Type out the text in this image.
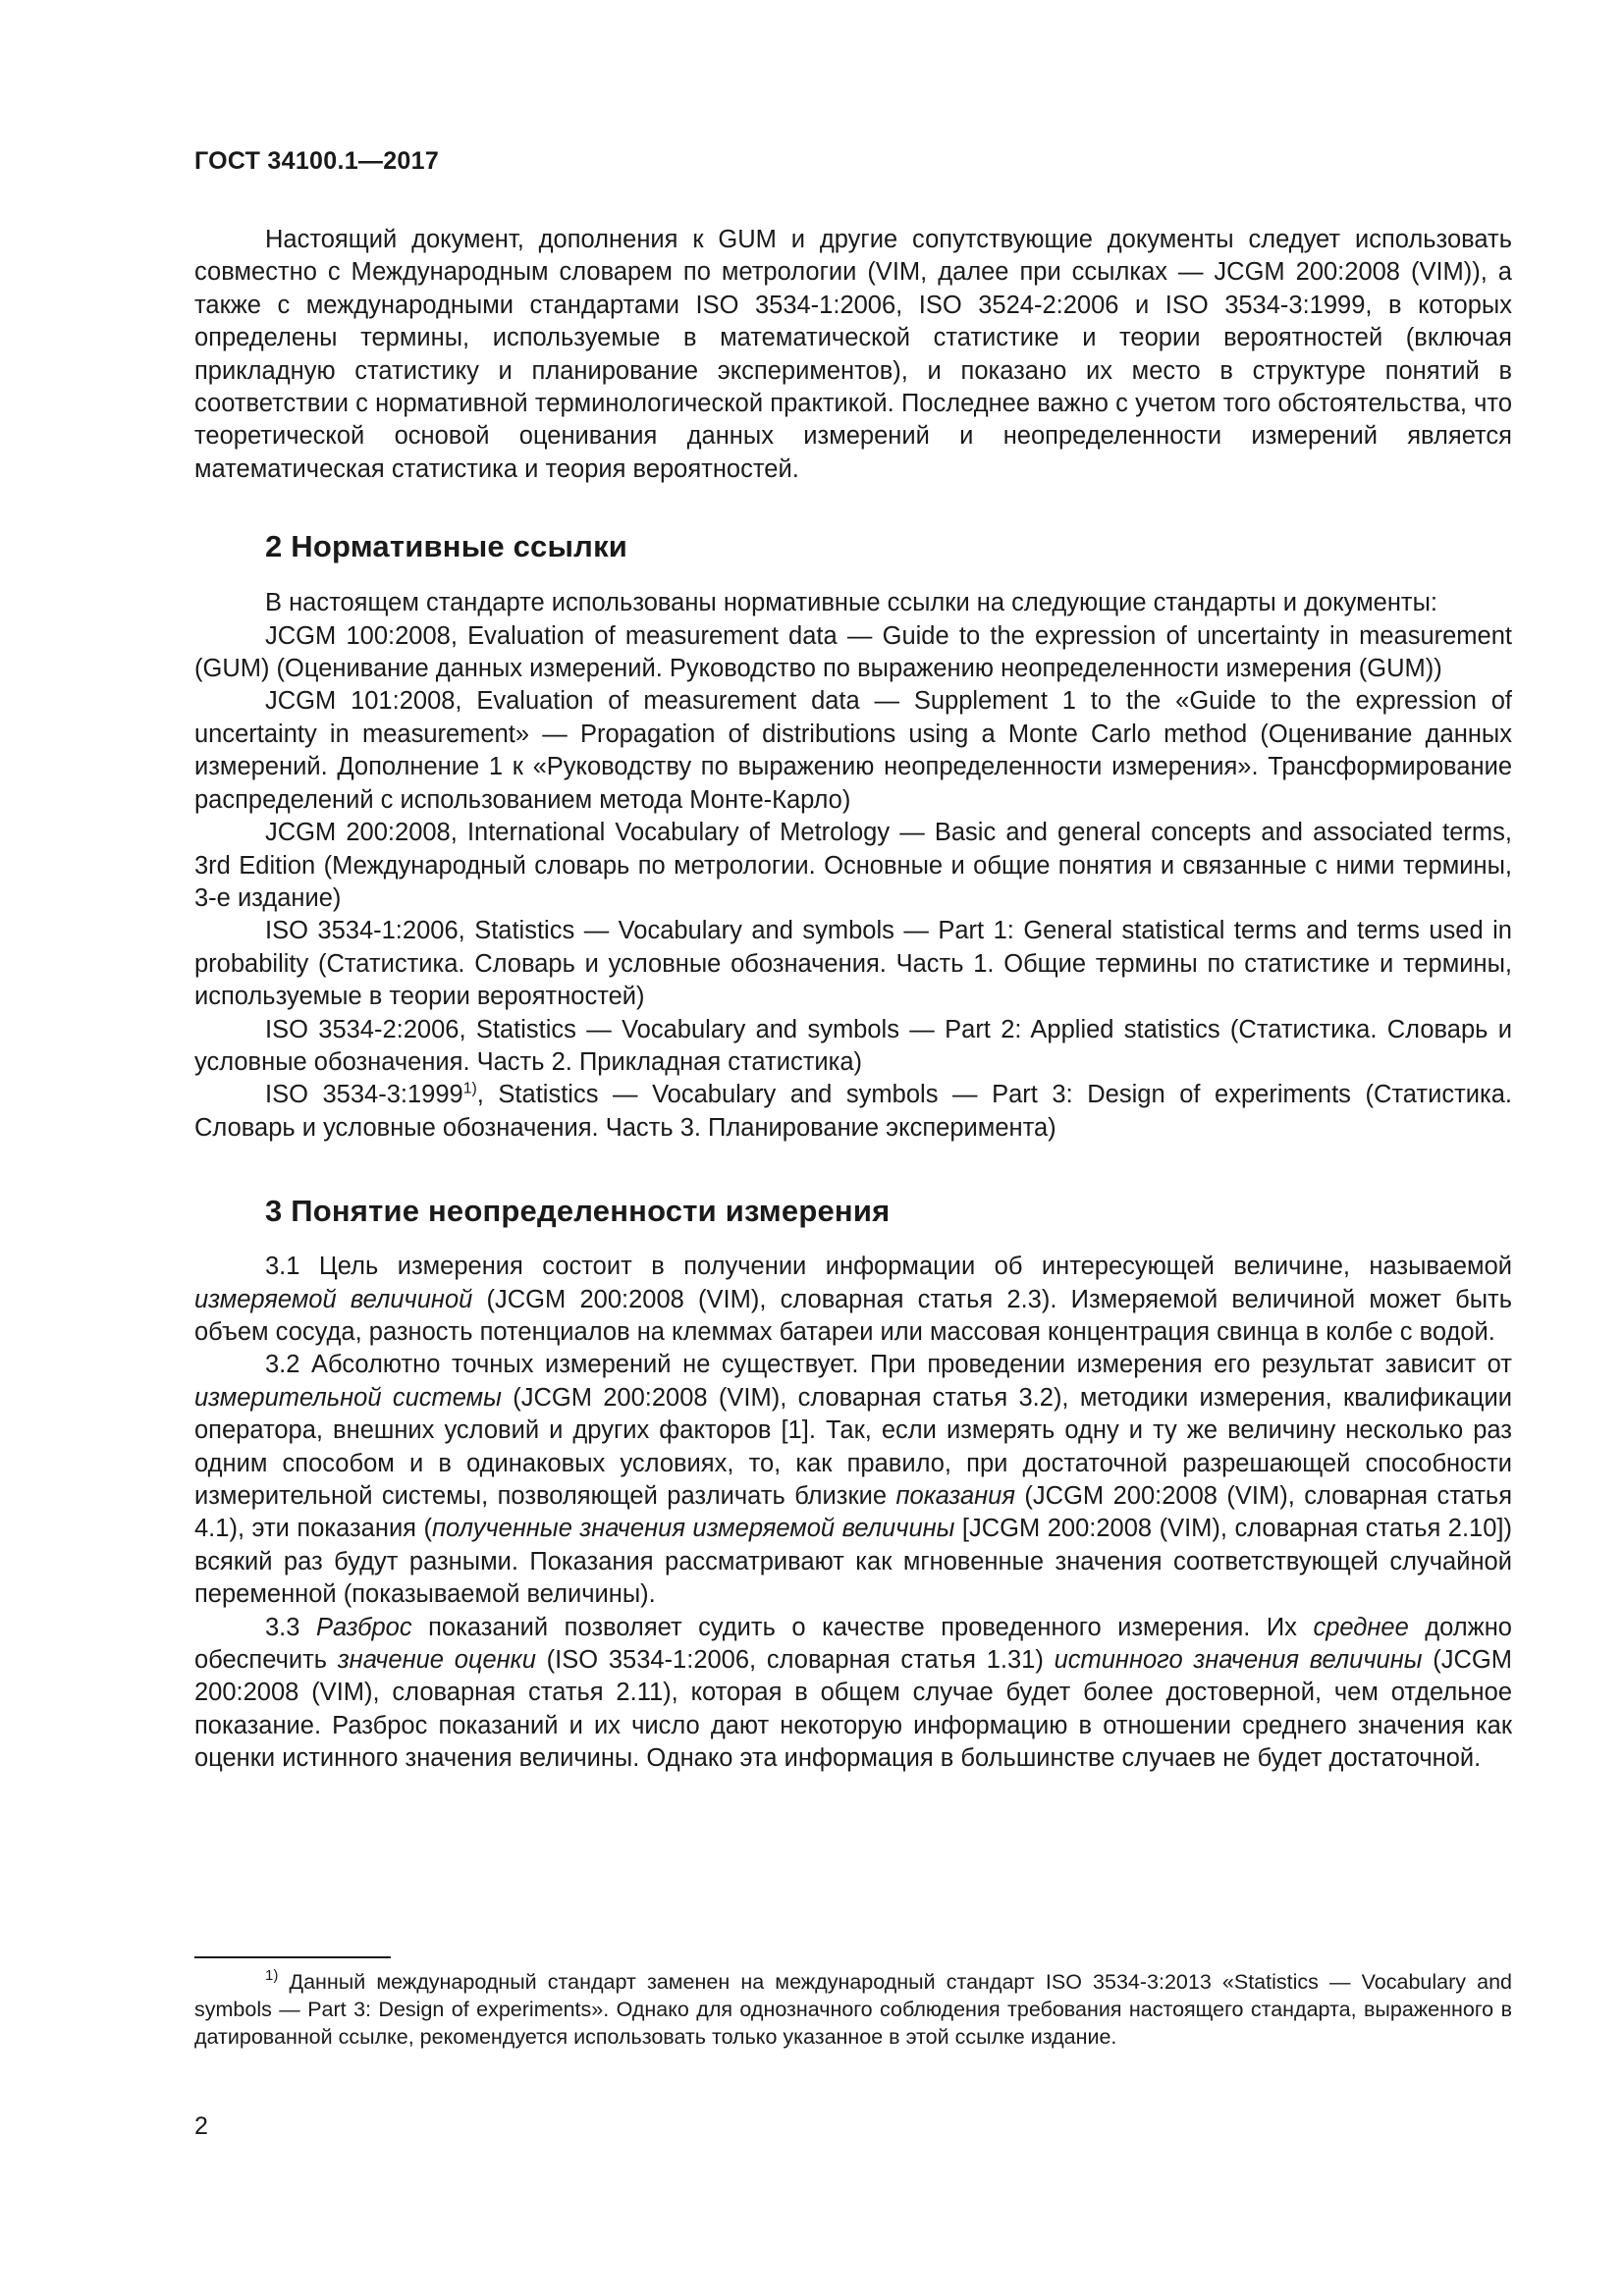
ГОСТ 34100.1—2017

Настоящий документ, дополнения к GUM и другие сопутствующие документы следует использовать совместно с Международным словарем по метрологии (VIM, далее при ссылках — JCGM 200:2008 (VIM)), а также с международными стандартами ISO 3534-1:2006, ISO 3524-2:2006 и ISO 3534-3:1999, в которых определены термины, используемые в математической статистике и теории вероятностей (включая прикладную статистику и планирование экспериментов), и показано их место в структуре понятий в соответствии с нормативной терминологической практикой. Последнее важно с учетом того обстоятельства, что теоретической основой оценивания данных измерений и неопределенности измерений является математическая статистика и теория вероятностей.

2 Нормативные ссылки

В настоящем стандарте использованы нормативные ссылки на следующие стандарты и документы:

JCGM 100:2008, Evaluation of measurement data — Guide to the expression of uncertainty in measurement (GUM) (Оценивание данных измерений. Руководство по выражению неопределенности измерения (GUM))

JCGM 101:2008, Evaluation of measurement data — Supplement 1 to the «Guide to the expression of uncertainty in measurement» — Propagation of distributions using a Monte Carlo method (Оценивание данных измерений. Дополнение 1 к «Руководству по выражению неопределенности измерения». Трансформирование распределений с использованием метода Монте-Карло)

JCGM 200:2008, International Vocabulary of Metrology — Basic and general concepts and associated terms, 3rd Edition (Международный словарь по метрологии. Основные и общие понятия и связанные с ними термины, 3-е издание)

ISO 3534-1:2006, Statistics — Vocabulary and symbols — Part 1: General statistical terms and terms used in probability (Статистика. Словарь и условные обозначения. Часть 1. Общие термины по статистике и термины, используемые в теории вероятностей)

ISO 3534-2:2006, Statistics — Vocabulary and symbols — Part 2: Applied statistics (Статистика. Словарь и условные обозначения. Часть 2. Прикладная статистика)

ISO 3534-3:1999$^{1)}$, Statistics — Vocabulary and symbols — Part 3: Design of experiments (Статистика. Словарь и условные обозначения. Часть 3. Планирование эксперимента)

3 Понятие неопределенности измерения

3.1 Цель измерения состоит в получении информации об интересующей величине, называемой измеряемой величиной (JCGM 200:2008 (VIM), словарная статья 2.3). Измеряемой величиной может быть объем сосуда, разность потенциалов на клеммах батареи или массовая концентрация свинца в колбе с водой.

3.2 Абсолютно точных измерений не существует. При проведении измерения его результат зависит от измерительной системы (JCGM 200:2008 (VIM), словарная статья 3.2), методики измерения, квалификации оператора, внешних условий и других факторов [1]. Так, если измерять одну и ту же величину несколько раз одним способом и в одинаковых условиях, то, как правило, при достаточной разрешающей способности измерительной системы, позволяющей различать близкие показания (JCGM 200:2008 (VIM), словарная статья 4.1), эти показания (полученные значения измеряемой величины [JCGM 200:2008 (VIM), словарная статья 2.10]) всякий раз будут разными. Показания рассматривают как мгновенные значения соответствующей случайной переменной (показываемой величины).

3.3 Разброс показаний позволяет судить о качестве проведенного измерения. Их среднее должно обеспечить значение оценки (ISO 3534-1:2006, словарная статья 1.31) истинного значения величины (JCGM 200:2008 (VIM), словарная статья 2.11), которая в общем случае будет более достоверной, чем отдельное показание. Разброс показаний и их число дают некоторую информацию в отношении среднего значения как оценки истинного значения величины. Однако эта информация в большинстве случаев не будет достаточной.

$^{1)}$ Данный международный стандарт заменен на международный стандарт ISO 3534-3:2013 «Statistics — Vocabulary and symbols — Part 3: Design of experiments». Однако для однозначного соблюдения требования настоящего стандарта, выраженного в датированной ссылке, рекомендуется использовать только указанное в этой ссылке издание.
2
